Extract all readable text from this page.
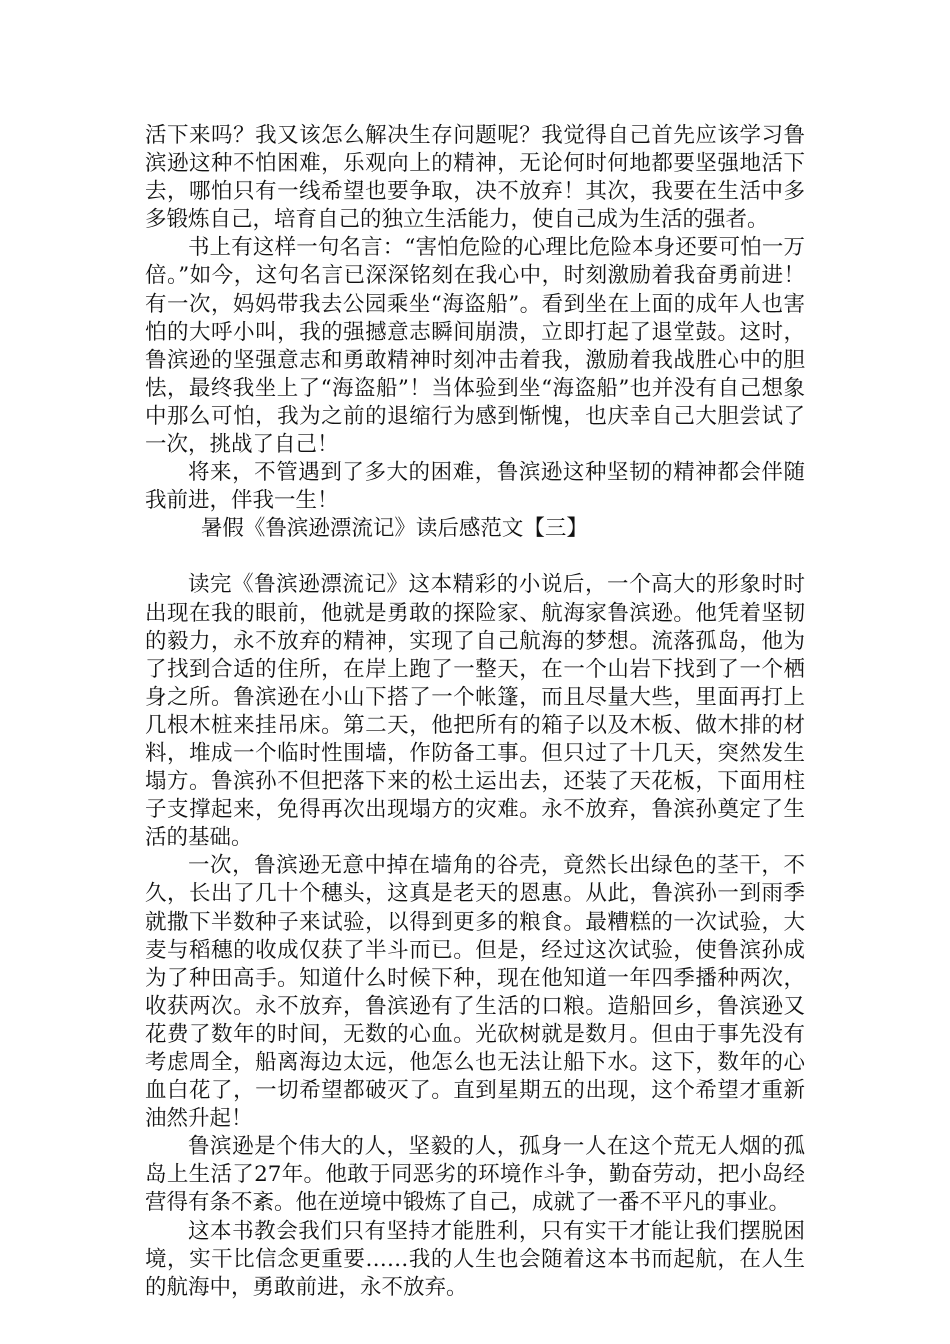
活下来吗？我又该怎么解决生存问题呢？我觉得自己首先应该学习鲁滨逊这种不怕困难，乐观向上的精神，无论何时何地都要坚强地活下去，哪怕只有一线希望也要争取，决不放弃！其次，我要在生活中多多锻炼自己，培育自己的独立生活能力，使自己成为生活的强者。

书上有这样一句名言：“害怕危险的心理比危险本身还要可怕一万倍。”如今，这句名言已深深铭刻在我心中，时刻激励着我奋勇前进！有一次，妈妈带我去公园乘坐“海盗船”。看到坐在上面的成年人也害怕的大呼小叫，我的强撼意志瞬间崩溃，立即打起了退堂鼓。这时，鲁滨逊的坚强意志和勇敢精神时刻冲击着我，激励着我战胜心中的胆怯，最终我坐上了“海盗船”！当体验到坐“海盗船”也并没有自己想象中那么可怕，我为之前的退缩行为感到惭愧，也庆幸自己大胆尝试了一次，挑战了自己！

将来，不管遇到了多大的困难，鲁滨逊这种坚韧的精神都会伴随我前进，伴我一生！

暑假《鲁滨逊漂流记》读后感范文【三】

读完《鲁滨逊漂流记》这本精彩的小说后，一个高大的形象时时出现在我的眼前，他就是勇敢的探险家、航海家鲁滨逊。他凭着坚韧的毅力，永不放弃的精神，实现了自己航海的梦想。流落孤岛，他为了找到合适的住所，在岸上跑了一整天，在一个山岩下找到了一个栖身之所。鲁滨逊在小山下搭了一个帐篷，而且尽量大些，里面再打上几根木桩来挂吊床。第二天，他把所有的箱子以及木板、做木排的材料，堆成一个临时性围墙，作防备工事。但只过了十几天，突然发生塌方。鲁滨孙不但把落下来的松土运出去，还装了天花板，下面用柱子支撑起来，免得再次出现塌方的灾难。永不放弃，鲁滨孙奠定了生活的基础。

一次，鲁滨逊无意中掉在墙角的谷壳，竟然长出绿色的茎干，不久，长出了几十个穗头，这真是老天的恩惠。从此，鲁滨孙一到雨季就撒下半数种子来试验，以得到更多的粮食。最糟糕的一次试验，大麦与稻穗的收成仅获了半斗而已。但是，经过这次试验，使鲁滨孙成为了种田高手。知道什么时候下种，现在他知道一年四季播种两次，收获两次。永不放弃，鲁滨逊有了生活的口粮。造船回乡，鲁滨逊又花费了数年的时间，无数的心血。光砍树就是数月。但由于事先没有考虑周全，船离海边太远，他怎么也无法让船下水。这下，数年的心血白花了，一切希望都破灭了。直到星期五的出现，这个希望才重新油然升起！

鲁滨逊是个伟大的人，坚毅的人，孤身一人在这个荒无人烟的孤岛上生活了27年。他敢于同恶劣的环境作斗争，勤奋劳动，把小岛经营得有条不紊。他在逆境中锻炼了自己，成就了一番不平凡的事业。

这本书教会我们只有坚持才能胜利，只有实干才能让我们摆脱困境，实干比信念更重要……我的人生也会随着这本书而起航，在人生的航海中，勇敢前进，永不放弃。
